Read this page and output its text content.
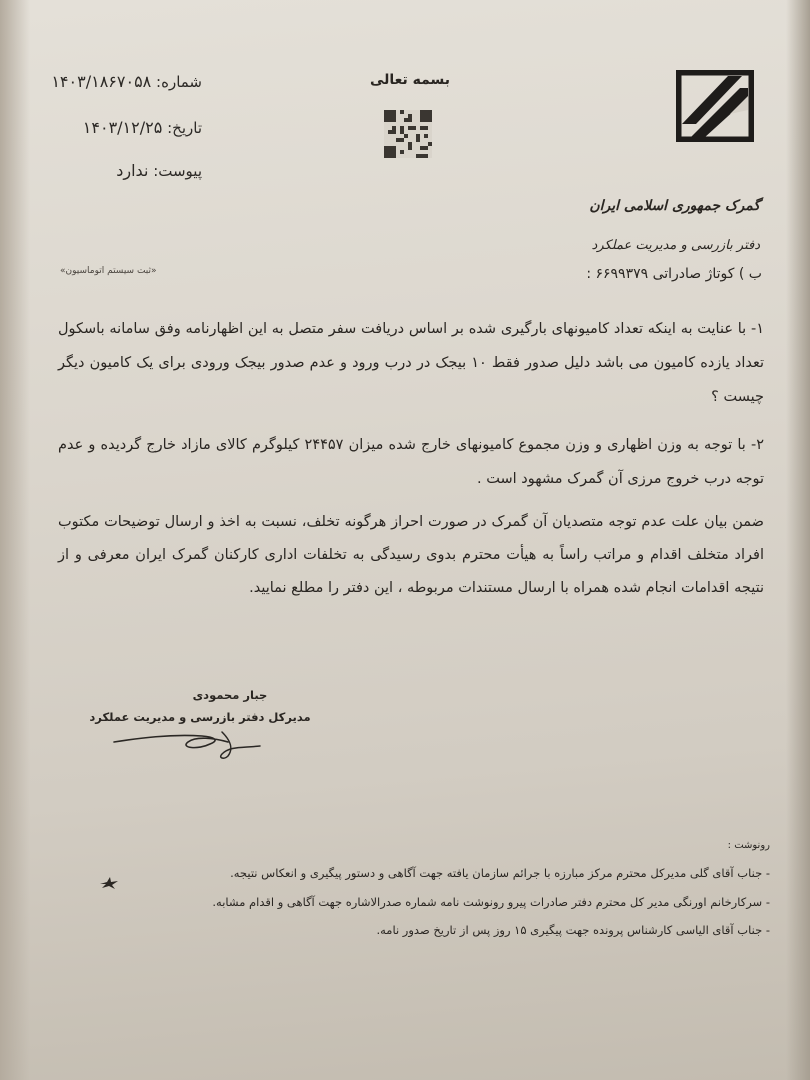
بسمه تعالی
شماره: ۱۴۰۳/۱۸۶۷۰۵۸
تاریخ: ۱۴۰۳/۱۲/۲۵
پیوست: ندارد
گمرک جمهوری اسلامی ایران
دفتر بازرسی و مدیریت عملکرد
ب ) کوتاژ صادراتی ۶۶۹۹۳۷۹ :
«ثبت سیستم اتوماسیون»
۱- با عنایت به اینکه تعداد کامیونهای بارگیری شده بر اساس دریافت سفر متصل به این اظهارنامه وفق سامانه باسکول تعداد یازده کامیون می باشد دلیل صدور فقط ۱۰ بیجک در درب ورود و عدم صدور بیجک ورودی برای یک کامیون دیگر چیست ؟
۲- با توجه به وزن اظهاری و وزن مجموع کامیونهای خارج شده میزان ۲۴۴۵۷ کیلوگرم کالای مازاد خارج گردیده و عدم توجه درب خروج مرزی آن گمرک مشهود است .
ضمن بیان علت عدم توجه متصدیان آن گمرک در صورت احراز هرگونه تخلف، نسبت به اخذ و ارسال توضیحات مکتوب افراد متخلف اقدام و مراتب راساً به هیأت محترم بدوی رسیدگی به تخلفات اداری کارکنان گمرک ایران معرفی و از نتیجه اقدامات انجام شده همراه با ارسال مستندات مربوطه ، این دفتر را مطلع نمایید.
جبار محمودی
مدیرکل دفتر بازرسی و مدیریت عملکرد
رونوشت :
- جناب آقای گلی مدیرکل محترم مرکز مبارزه با جرائم سازمان یافته جهت آگاهی و دستور پیگیری و انعکاس نتیجه.
- سرکارخانم اورنگی مدیر کل محترم دفتر صادرات پیرو رونوشت نامه شماره صدرالاشاره جهت آگاهی و اقدام مشابه.
- جناب آقای الیاسی کارشناس پرونده جهت پیگیری ۱۵ روز پس از تاریخ صدور نامه.
